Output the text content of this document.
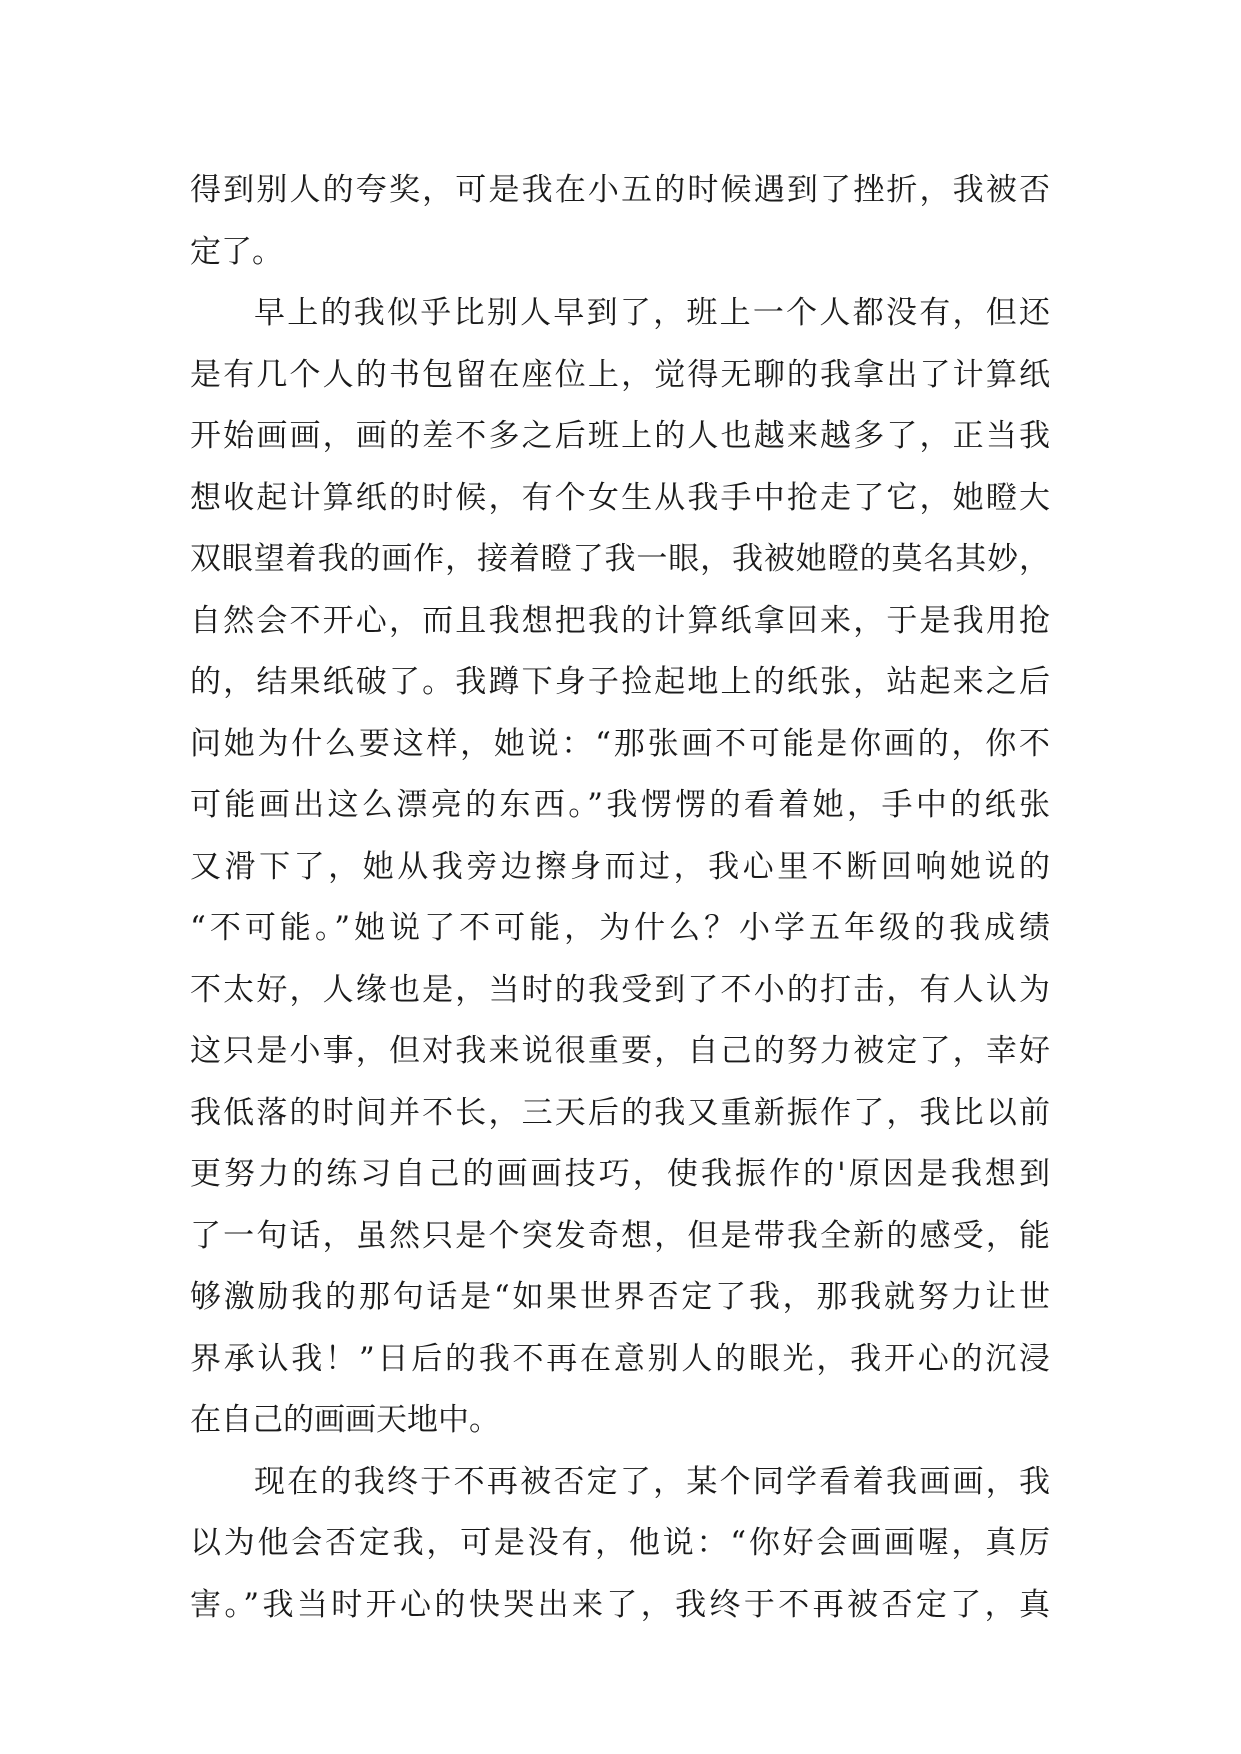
得到别人的夸奖，可是我在小五的时候遇到了挫折，我被否
定了。
早上的我似乎比别人早到了，班上一个人都没有，但还
是有几个人的书包留在座位上，觉得无聊的我拿出了计算纸
开始画画，画的差不多之后班上的人也越来越多了，正当我
想收起计算纸的时候，有个女生从我手中抢走了它，她瞪大
双眼望着我的画作，接着瞪了我一眼，我被她瞪的莫名其妙，
自然会不开心，而且我想把我的计算纸拿回来，于是我用抢
的，结果纸破了。我蹲下身子捡起地上的纸张，站起来之后
问她为什么要这样，她说：“那张画不可能是你画的，你不
可能画出这么漂亮的东西。”我愣愣的看着她，手中的纸张
又滑下了，她从我旁边擦身而过，我心里不断回响她说的
“不可能。”她说了不可能，为什么？小学五年级的我成绩
不太好，人缘也是，当时的我受到了不小的打击，有人认为
这只是小事，但对我来说很重要，自己的努力被定了，幸好
我低落的时间并不长，三天后的我又重新振作了，我比以前
更努力的练习自己的画画技巧，使我振作的'原因是我想到
了一句话，虽然只是个突发奇想，但是带我全新的感受，能
够激励我的那句话是“如果世界否定了我，那我就努力让世
界承认我！”日后的我不再在意别人的眼光，我开心的沉浸
在自己的画画天地中。
现在的我终于不再被否定了，某个同学看着我画画，我
以为他会否定我，可是没有，他说：“你好会画画喔，真厉
害。”我当时开心的快哭出来了，我终于不再被否定了，真
